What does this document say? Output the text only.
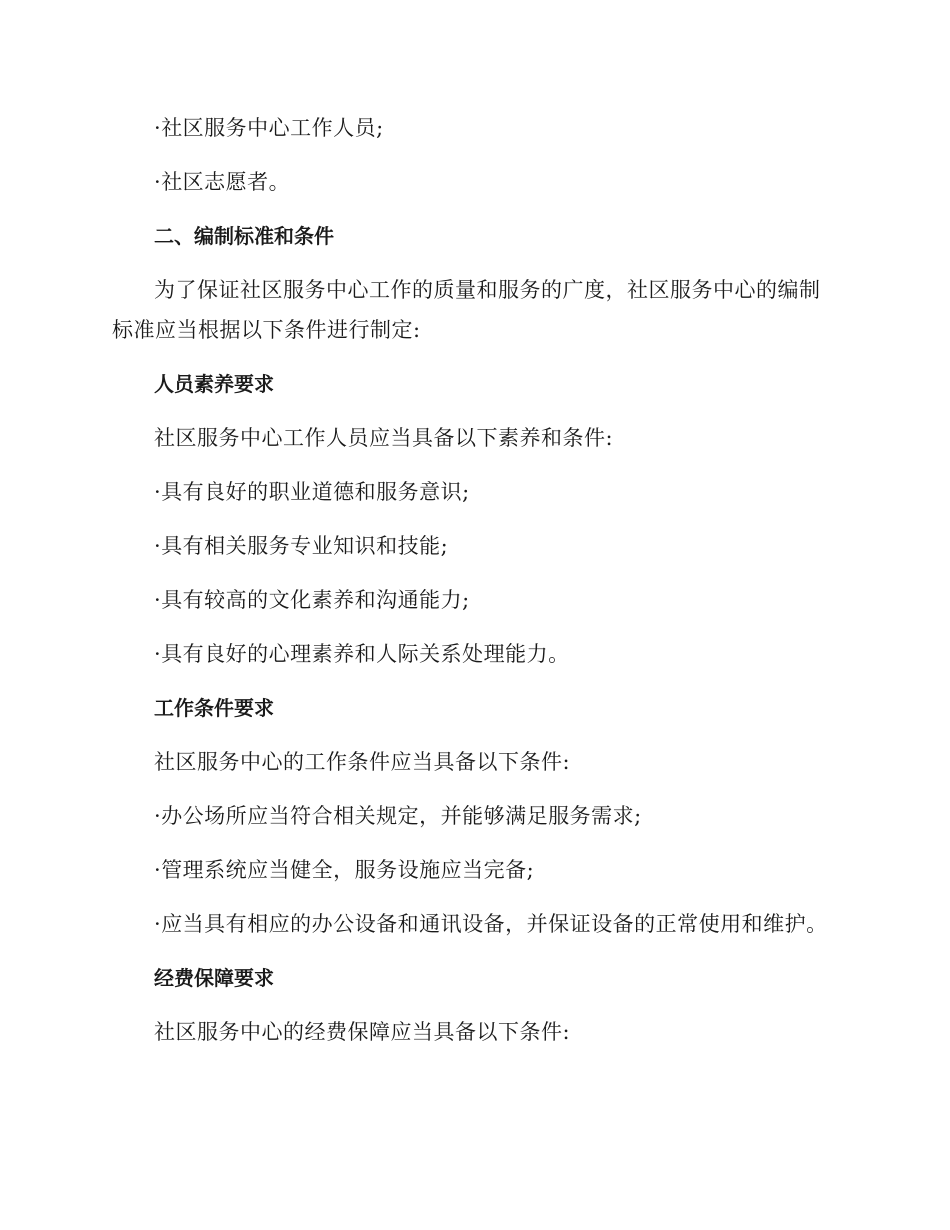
· 社区服务中心工作人员;

· 社区志愿者。

二、编制标准和条件

为了保证社区服务中心工作的质量和服务的广度，社区服务中心的编制标准应当根据以下条件进行制定:

人员素养要求

社区服务中心工作人员应当具备以下素养和条件:

· 具有良好的职业道德和服务意识;

· 具有相关服务专业知识和技能;

· 具有较高的文化素养和沟通能力;

· 具有良好的心理素养和人际关系处理能力。

工作条件要求

社区服务中心的工作条件应当具备以下条件:

· 办公场所应当符合相关规定，并能够满足服务需求;

· 管理系统应当健全，服务设施应当完备;

· 应当具有相应的办公设备和通讯设备，并保证设备的正常使用和维护。

经费保障要求

社区服务中心的经费保障应当具备以下条件:
